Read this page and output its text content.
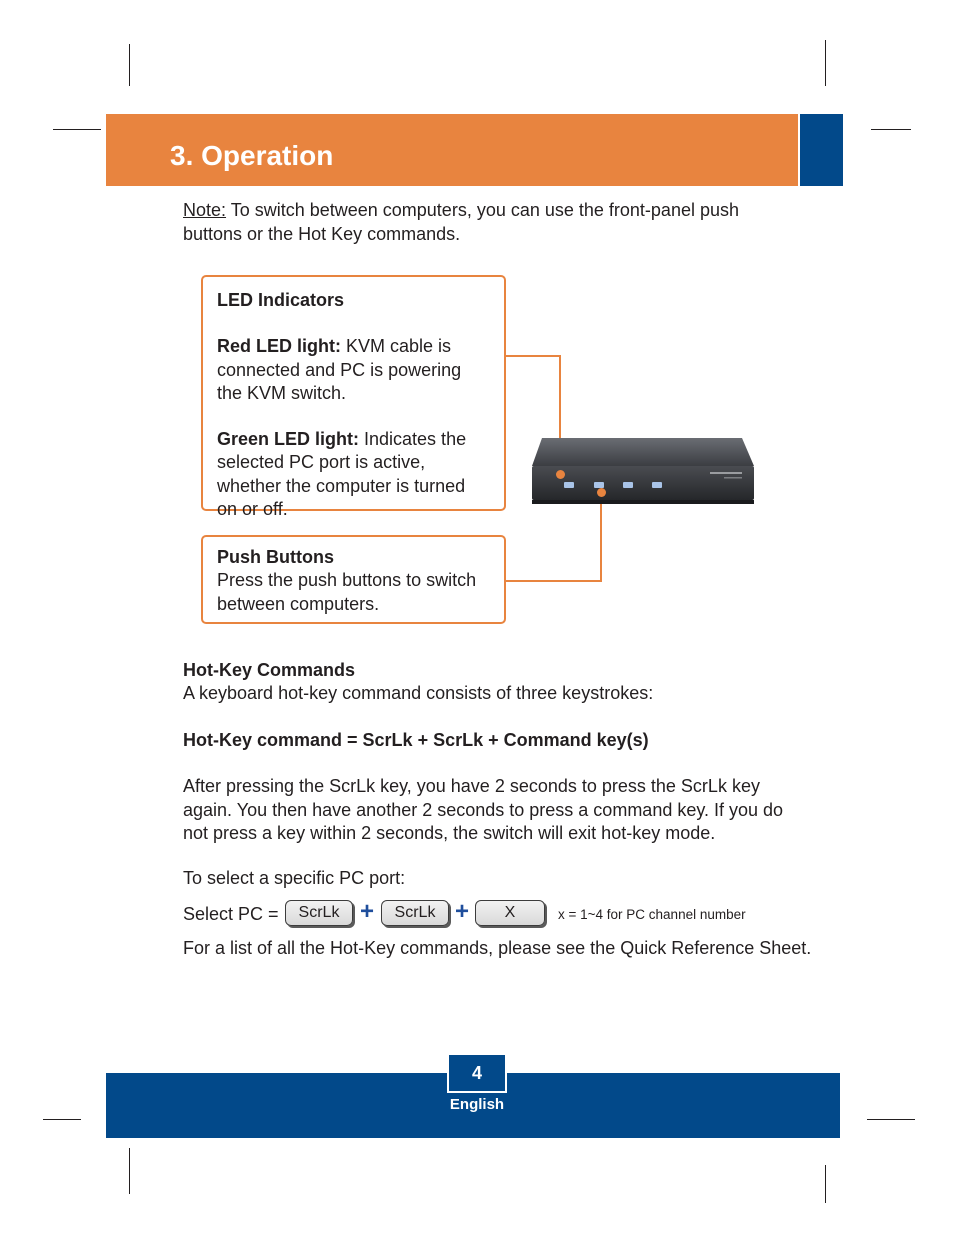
3. Operation
Note: To switch between computers, you can use the front-panel push buttons or the Hot Key commands.
LED Indicators
Red LED light: KVM cable is connected and PC is powering the KVM switch.
Green LED light: Indicates the selected PC port is active, whether the computer is turned on or off.
Push Buttons
Press the push buttons to switch between computers.
Hot-Key Commands
A keyboard hot-key command consists of three keystrokes:
Hot-Key command = ScrLk + ScrLk + Command key(s)
After pressing the ScrLk key, you have 2 seconds to press the ScrLk key again. You then have another 2 seconds to press a command key. If you do not press a key within 2 seconds, the switch will exit hot-key mode.
To select a specific PC port:
Select PC =	ScrLk +	ScrLk +	X	x = 1~4 for PC channel number
For a list of all the Hot-Key commands, please see the Quick Reference Sheet.
4
English
